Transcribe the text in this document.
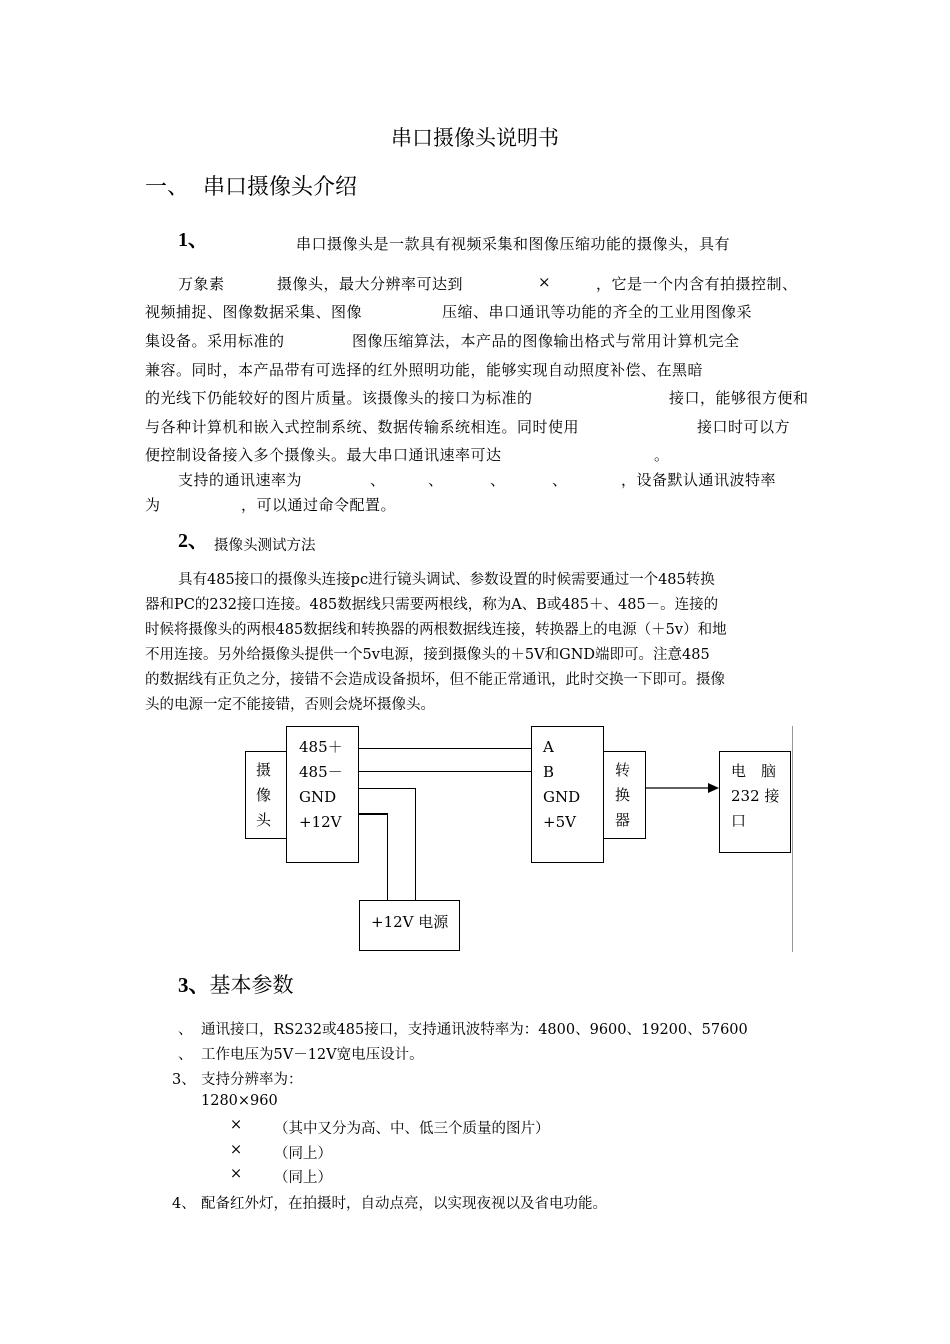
串口摄像头说明书
一、 串口摄像头介绍
1、	串口摄像头是一款具有视频采集和图像压缩功能的摄像头，具有
万象素	摄像头，最大分辨率可达到	×	，它是一个内含有拍摄控制、
视频捕捉、图像数据采集、图像	压缩、串口通讯等功能的齐全的工业用图像采
集设备。采用标准的	图像压缩算法，本产品的图像输出格式与常用计算机完全
兼容。同时，本产品带有可选择的红外照明功能，能够实现自动照度补偿、在黑暗
的光线下仍能较好的图片质量。该摄像头的接口为标准的	接口，能够很方便和
与各种计算机和嵌入式控制系统、数据传输系统相连。同时使用	接口时可以方
便控制设备接入多个摄像头。最大串口通讯速率可达	。
支持的通讯速率为	、	、	、	、	，设备默认通讯波特率
为	，可以通过命令配置。
2、 摄像头测试方法
具有485接口的摄像头连接pc进行镜头调试、参数设置的时候需要通过一个485转换
器和PC的232接口连接。485数据线只需要两根线，称为A、B或485＋、485－。连接的
时候将摄像头的两根485数据线和转换器的两根数据线连接，转换器上的电源（＋5v）和地
不用连接。另外给摄像头提供一个5v电源，接到摄像头的＋5V和GND端即可。注意485
的数据线有正负之分，接错不会造成设备损坏，但不能正常通讯，此时交换一下即可。摄像
头的电源一定不能接错，否则会烧坏摄像头。
摄
像
头
485＋
485－
GND
+12V
+12V 电源
A
B
GND
+5V
转
换
器
电　脑
232 接
口
3、基本参数
、 通讯接口，RS232或485接口，支持通讯波特率为：4800、9600、19200、57600
、 工作电压为5V－12V宽电压设计。
3、 支持分辨率为：
1280×960
× （其中又分为高、中、低三个质量的图片）
× （同上）
× （同上）
4、 配备红外灯，在拍摄时，自动点亮，以实现夜视以及省电功能。
